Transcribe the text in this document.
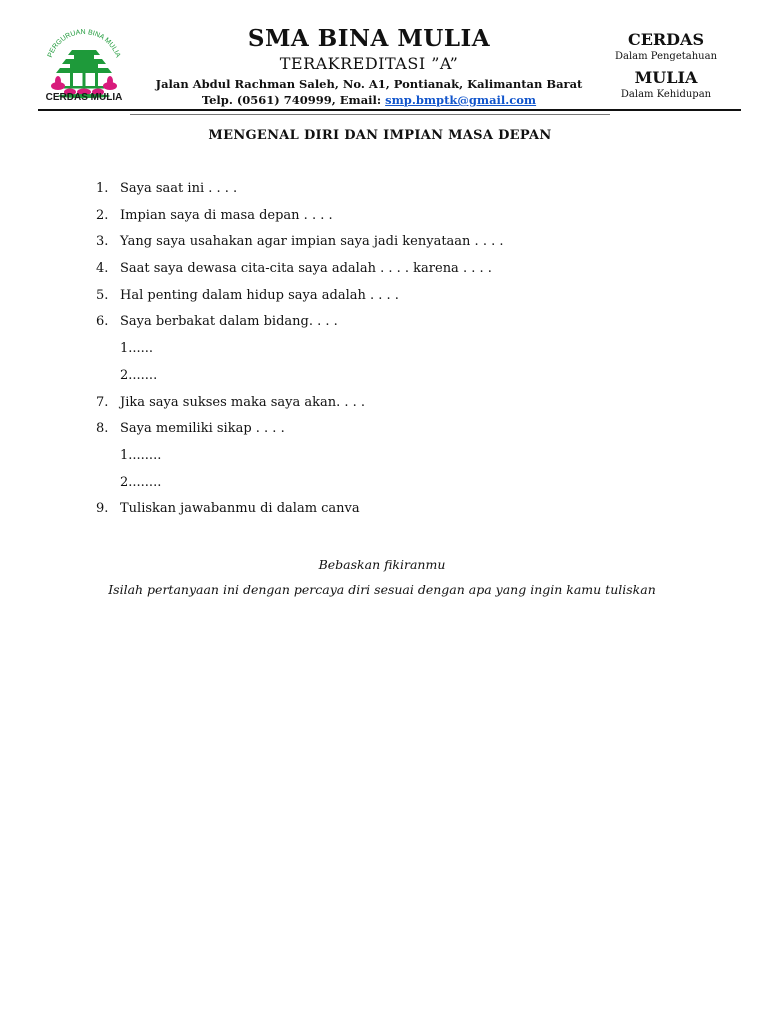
PERGURUAN BINA MULIA
CERDAS MULIA
SMA BINA MULIA
TERAKREDITASI ”A”
Jalan Abdul Rachman Saleh, No. A1, Pontianak, Kalimantan Barat
Telp. (0561) 740999, Email: smp.bmptk@gmail.com
CERDAS
Dalam Pengetahuan
MULIA
Dalam Kehidupan
MENGENAL DIRI DAN IMPIAN MASA DEPAN
1. Saya saat ini . . . .
2. Impian saya di masa depan . . . .
3. Yang saya usahakan agar impian saya jadi kenyataan . . . .
4. Saat saya dewasa cita-cita saya adalah . . . . karena . . . .
5. Hal penting dalam hidup saya adalah . . . .
6. Saya berbakat dalam bidang. . . .
1......
2.......
7. Jika saya sukses maka saya akan. . . .
8. Saya memiliki sikap . . . .
1........
2........
9. Tuliskan jawabanmu di dalam canva
Bebaskan fikiranmu
Isilah pertanyaan ini dengan percaya diri sesuai dengan apa yang ingin kamu tuliskan
